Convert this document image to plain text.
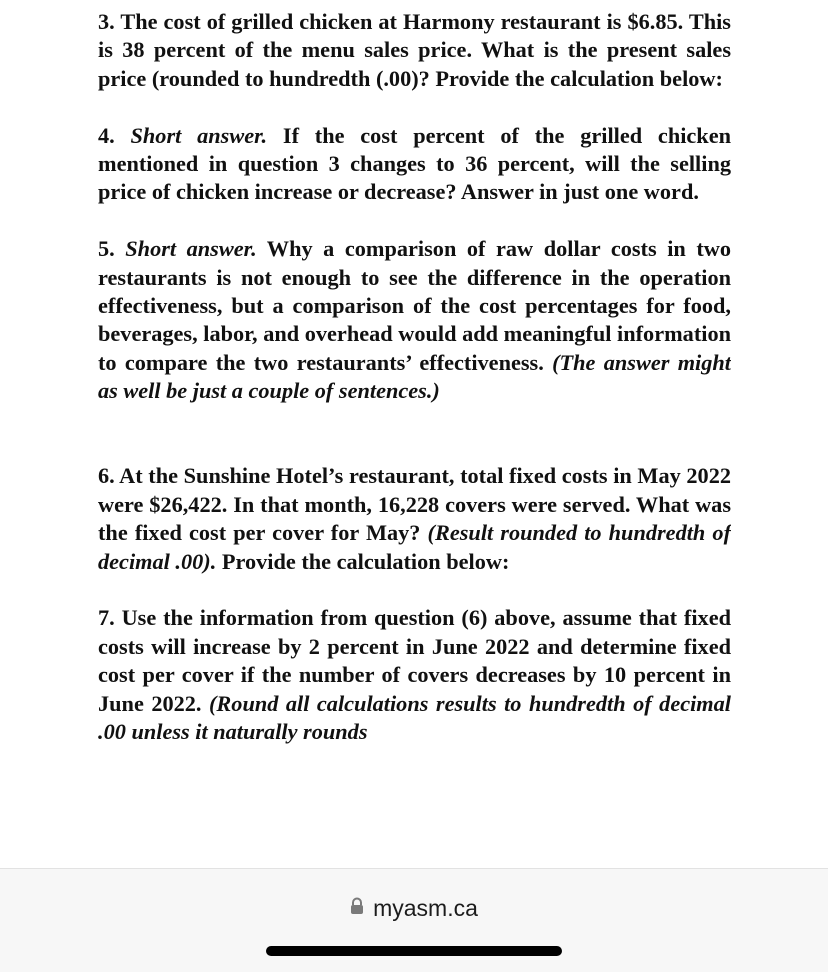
3. The cost of grilled chicken at Harmony restaurant is $6.85. This is 38 percent of the menu sales price. What is the present sales price (rounded to hundredth (.00)? Provide the calculation below:

4. Short answer. If the cost percent of the grilled chicken mentioned in question 3 changes to 36 percent, will the selling price of chicken increase or decrease? Answer in just one word.

5. Short answer. Why a comparison of raw dollar costs in two restaurants is not enough to see the difference in the operation effectiveness, but a comparison of the cost percentages for food, beverages, labor, and overhead would add meaningful information to compare the two restaurants’ effectiveness. (The answer might as well be just a couple of sentences.)

6. At the Sunshine Hotel’s restaurant, total fixed costs in May 2022 were $26,422. In that month, 16,228 covers were served. What was the fixed cost per cover for May? (Result rounded to hundredth of decimal .00). Provide the calculation below:

7. Use the information from question (6) above, assume that fixed costs will increase by 2 percent in June 2022 and determine fixed cost per cover if the number of covers decreases by 10 percent in June 2022. (Round all calculations results to hundredth of decimal .00 unless it naturally rounds

myasm.ca
